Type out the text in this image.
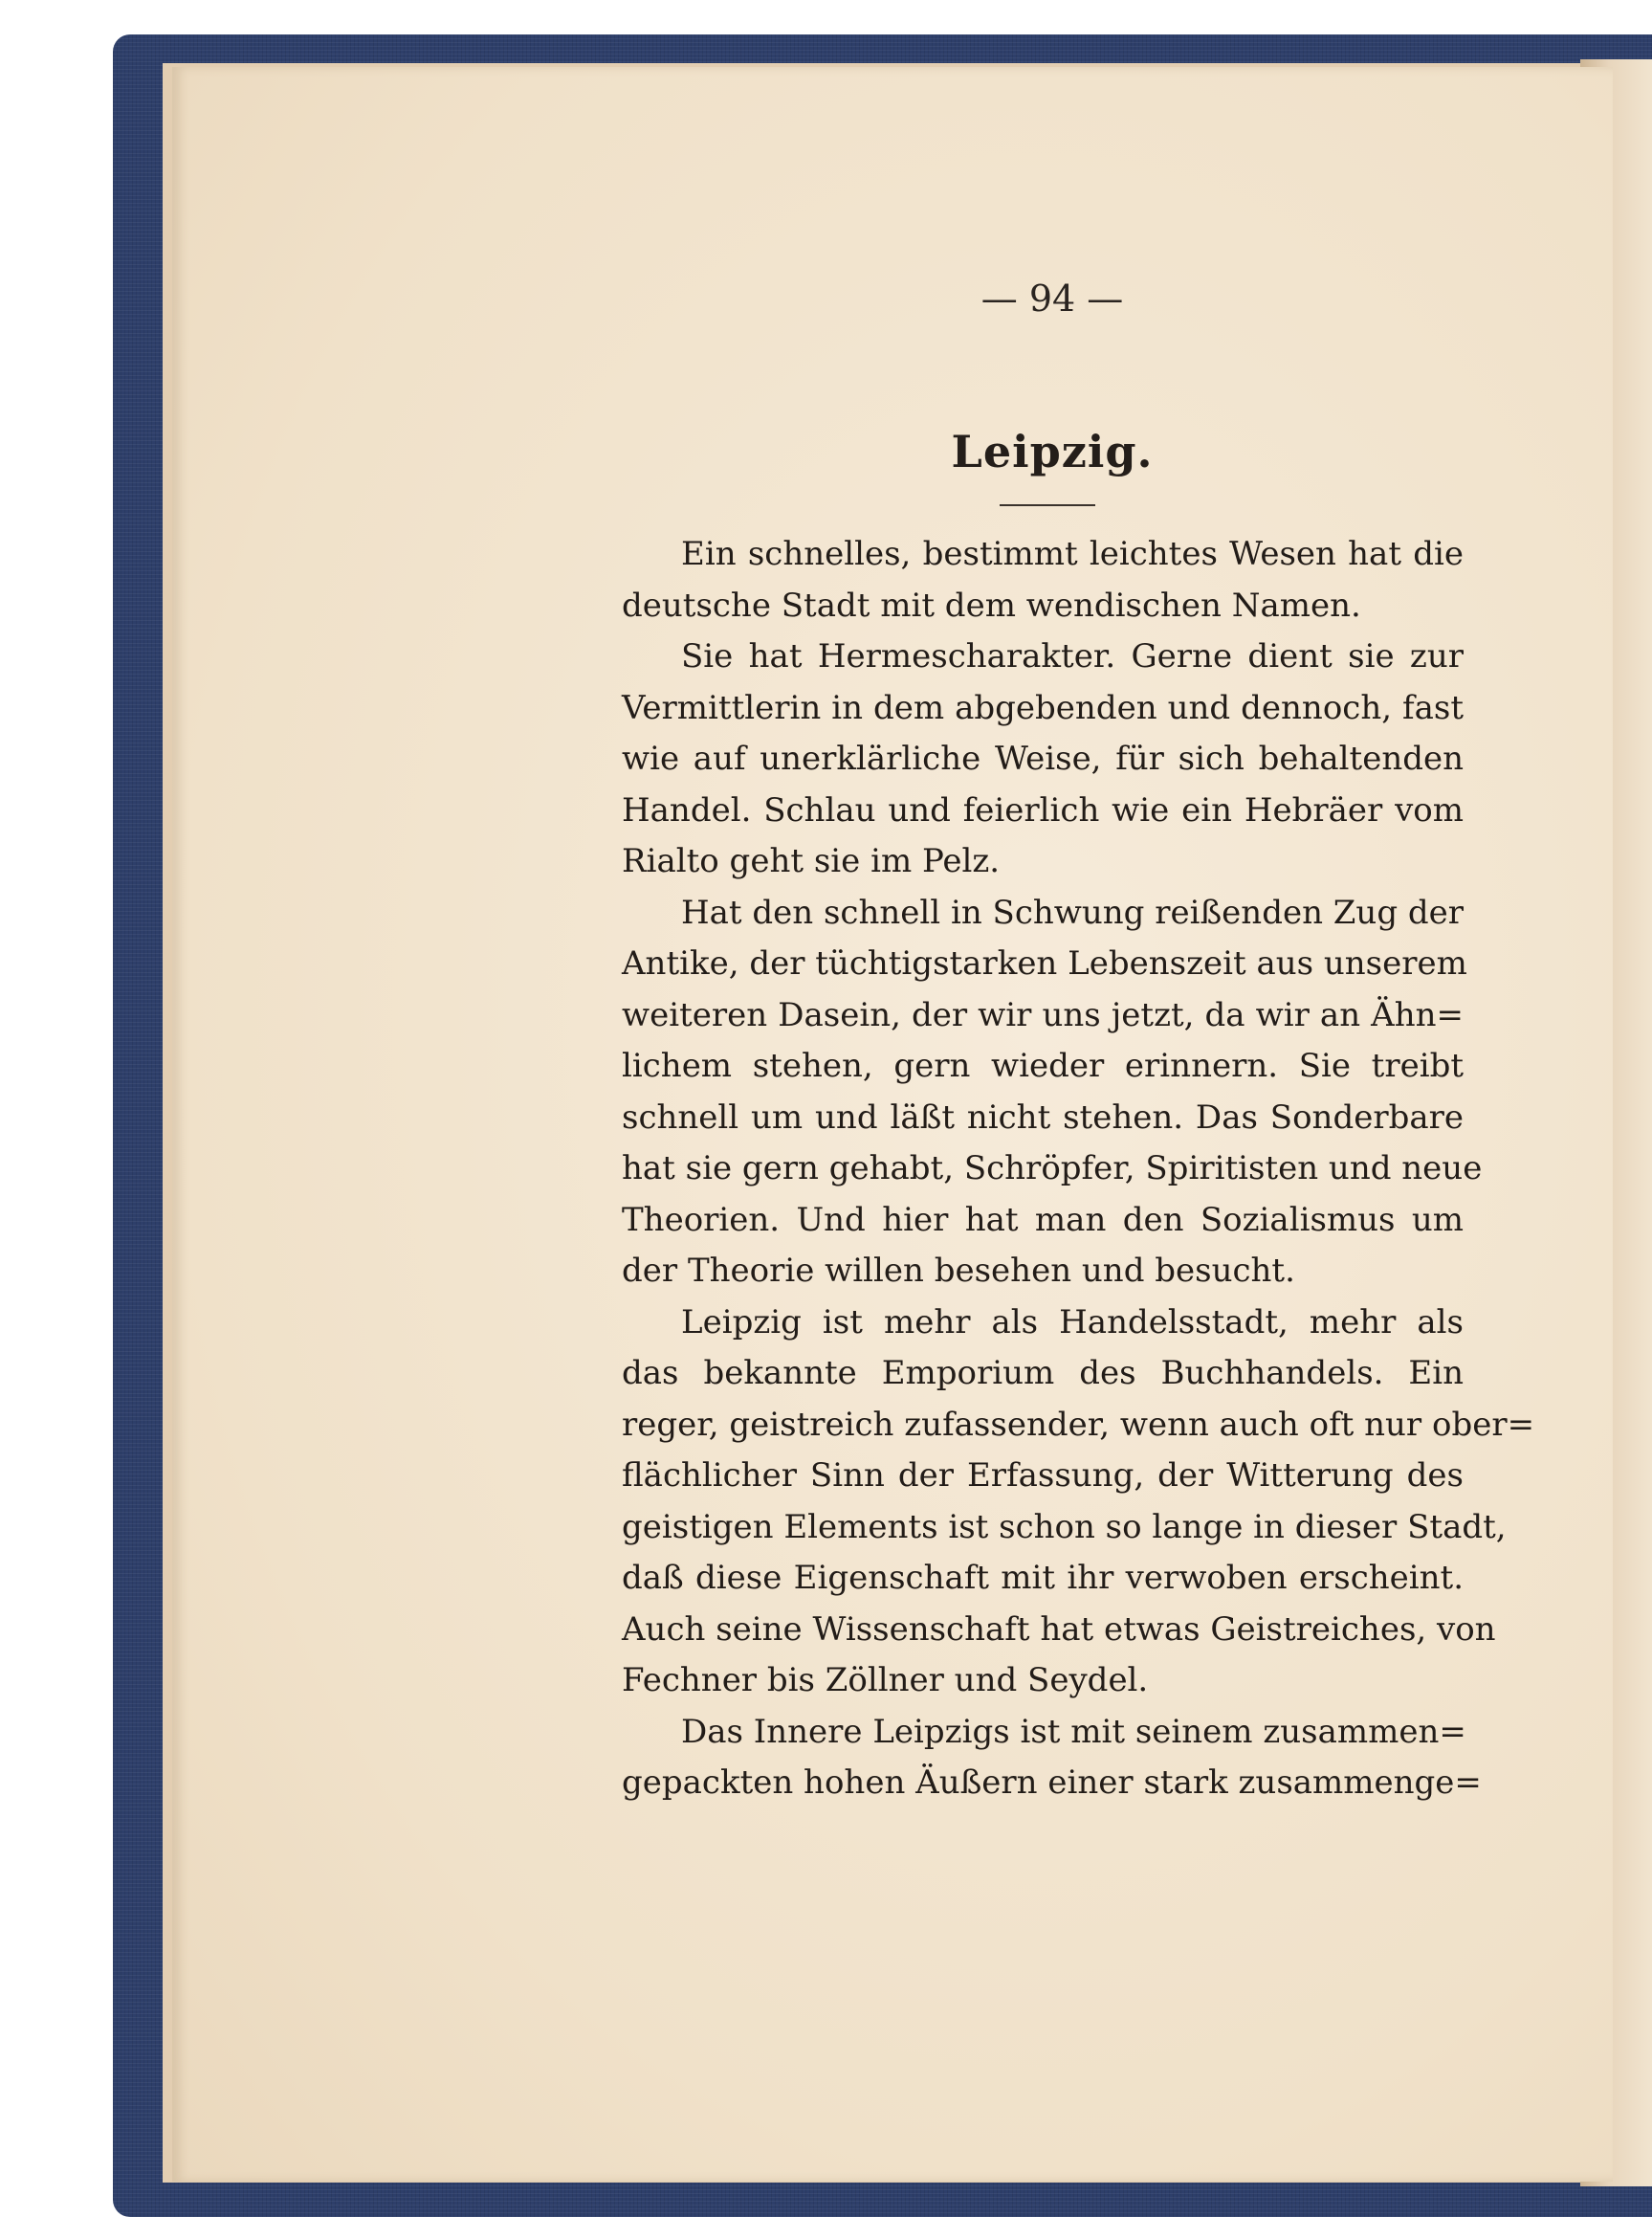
— 94 —
Leipzig.
Ein schnelles, bestimmt leichtes Wesen hat die
deutsche Stadt mit dem wendischen Namen.
Sie hat Hermescharakter. Gerne dient sie zur
Vermittlerin in dem abgebenden und dennoch, fast
wie auf unerklärliche Weise, für sich behaltenden
Handel. Schlau und feierlich wie ein Hebräer vom
Rialto geht sie im Pelz.
Hat den schnell in Schwung reißenden Zug der
Antike, der tüchtigstarken Lebenszeit aus unserem
weiteren Dasein, der wir uns jetzt, da wir an Ähn=
lichem stehen, gern wieder erinnern. Sie treibt
schnell um und läßt nicht stehen. Das Sonderbare
hat sie gern gehabt, Schröpfer, Spiritisten und neue
Theorien. Und hier hat man den Sozialismus um
der Theorie willen besehen und besucht.
Leipzig ist mehr als Handelsstadt, mehr als
das bekannte Emporium des Buchhandels. Ein
reger, geistreich zufassender, wenn auch oft nur ober=
flächlicher Sinn der Erfassung, der Witterung des
geistigen Elements ist schon so lange in dieser Stadt,
daß diese Eigenschaft mit ihr verwoben erscheint.
Auch seine Wissenschaft hat etwas Geistreiches, von
Fechner bis Zöllner und Seydel.
Das Innere Leipzigs ist mit seinem zusammen=
gepackten hohen Äußern einer stark zusammenge=
